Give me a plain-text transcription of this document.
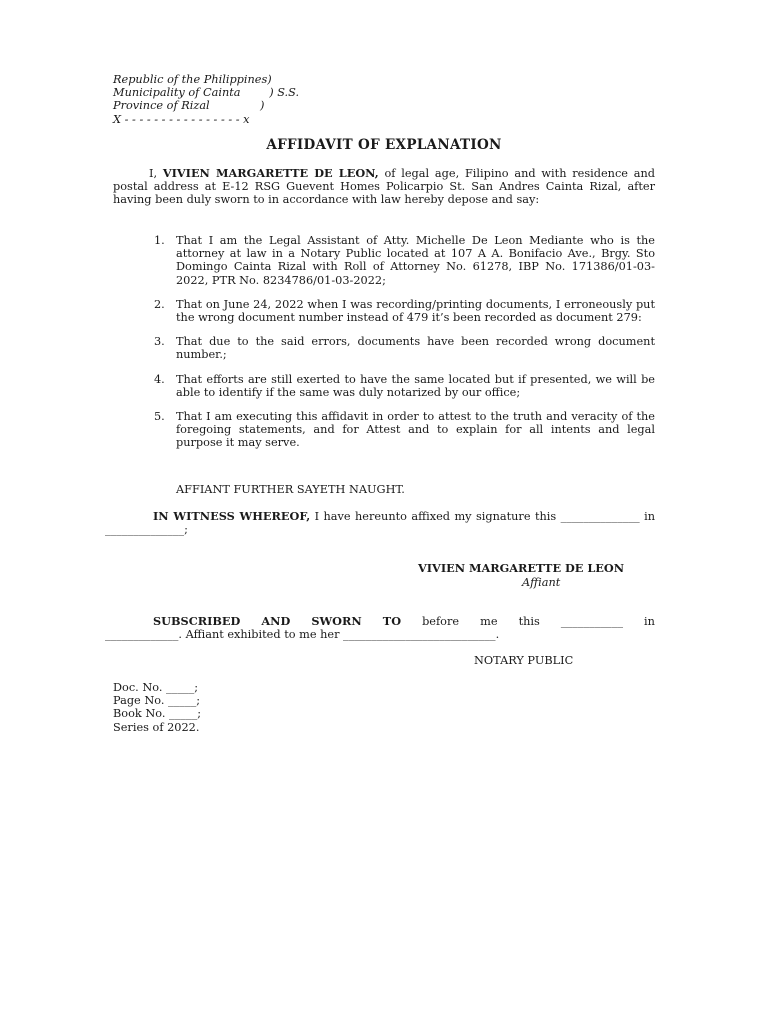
Republic of the Philippines)
Municipality of Cainta        ) S.S.
Province of Rizal              )
X - - - - - - - - - - - - - - - - x
AFFIDAVIT OF EXPLANATION
I, VIVIEN MARGARETTE DE LEON, of legal age, Filipino and with residence and postal address at E-12 RSG Guevent Homes Policarpio St. San Andres Cainta Rizal, after having been duly sworn to in accordance with law hereby depose and say:
1. That I am the Legal Assistant of Atty. Michelle De Leon Mediante who is the attorney at law in a Notary Public located at 107 A A. Bonifacio Ave., Brgy. Sto Domingo Cainta Rizal with Roll of Attorney No. 61278, IBP No. 171386/01-03-2022, PTR No. 8234786/01-03-2022;
2. That on June 24, 2022 when I was recording/printing documents, I erroneously put the wrong document number instead of 479 it’s been recorded as document 279:
3. That due to the said errors, documents have been recorded wrong document number.;
4. That efforts are still exerted to have the same located but if presented, we will be able to identify if the same was duly notarized by our office;
5. That I am executing this affidavit in order to attest to the truth and veracity of the foregoing statements, and for Attest and to explain for all intents and legal purpose it may serve.
AFFIANT FURTHER SAYETH NAUGHT.
IN WITNESS WHEREOF, I have hereunto affixed my signature this ______________ in ______________;
VIVIEN MARGARETTE DE LEON
Affiant
SUBSCRIBED AND SWORN TO before me this ___________ in
_____________. Affiant exhibited to me her ___________________________.
NOTARY PUBLIC
Doc. No. _____;
Page No. _____;
Book No. _____;
Series of 2022.
